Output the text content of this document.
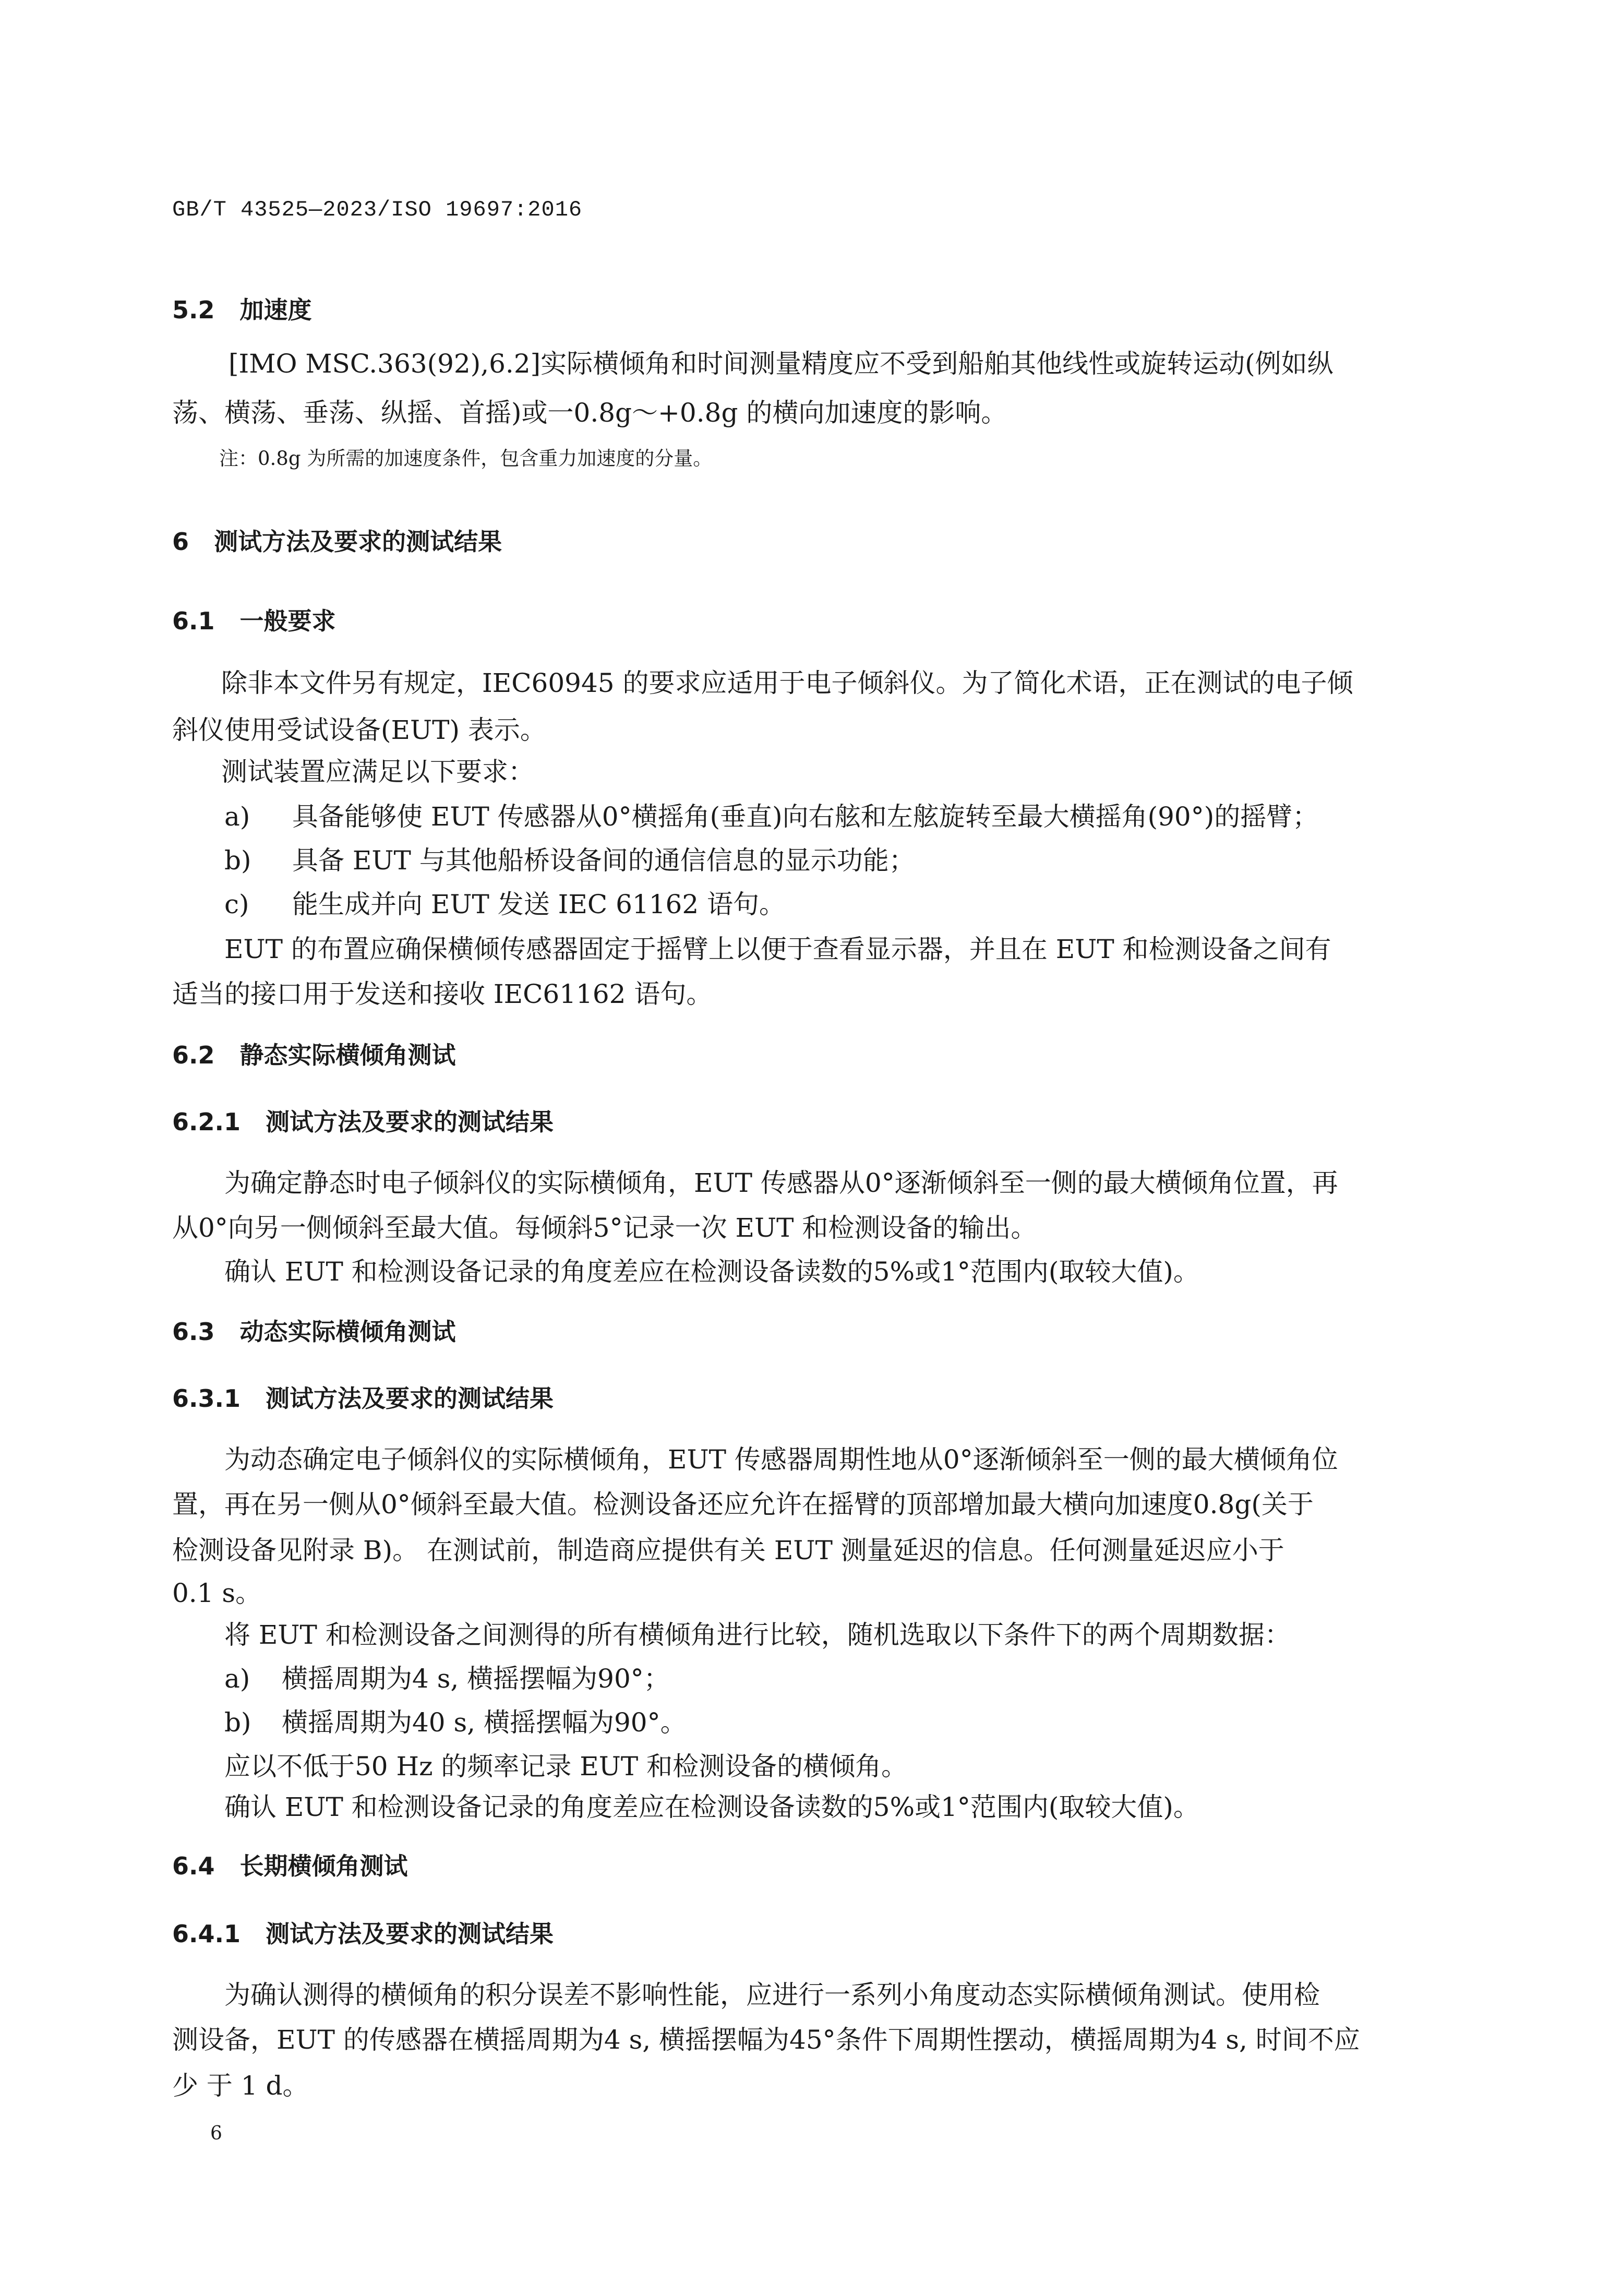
GB/T 43525—2023/ISO 19697:2016
5.2 加速度
[IMO MSC.363(92),6.2]实际横倾角和时间测量精度应不受到船舶其他线性或旋转运动(例如纵
荡、横荡、垂荡、纵摇、首摇)或一0.8g～+0.8g 的横向加速度的影响。
注：0.8g 为所需的加速度条件，包含重力加速度的分量。
6 测试方法及要求的测试结果
6.1 一般要求
除非本文件另有规定，IEC60945 的要求应适用于电子倾斜仪。为了简化术语，正在测试的电子倾
斜仪使用受试设备(EUT) 表示。
测试装置应满足以下要求：
a) 具备能够使 EUT 传感器从0°横摇角(垂直)向右舷和左舷旋转至最大横摇角(90°)的摇臂；
b) 具备 EUT 与其他船桥设备间的通信信息的显示功能；
c) 能生成并向 EUT 发送 IEC 61162 语句。
EUT 的布置应确保横倾传感器固定于摇臂上以便于查看显示器，并且在 EUT 和检测设备之间有
适当的接口用于发送和接收 IEC61162 语句。
6.2 静态实际横倾角测试
6.2.1 测试方法及要求的测试结果
为确定静态时电子倾斜仪的实际横倾角，EUT 传感器从0°逐渐倾斜至一侧的最大横倾角位置，再
从0°向另一侧倾斜至最大值。每倾斜5°记录一次 EUT 和检测设备的输出。
确认 EUT 和检测设备记录的角度差应在检测设备读数的5%或1°范围内(取较大值)。
6.3 动态实际横倾角测试
6.3.1 测试方法及要求的测试结果
为动态确定电子倾斜仪的实际横倾角，EUT 传感器周期性地从0°逐渐倾斜至一侧的最大横倾角位
置，再在另一侧从0°倾斜至最大值。检测设备还应允许在摇臂的顶部增加最大横向加速度0.8g(关于
检测设备见附录 B)。 在测试前，制造商应提供有关 EUT 测量延迟的信息。任何测量延迟应小于
0.1 s。
将 EUT 和检测设备之间测得的所有横倾角进行比较，随机选取以下条件下的两个周期数据：
a) 横摇周期为4 s, 横摇摆幅为90°；
b) 横摇周期为40 s, 横摇摆幅为90°。
应以不低于50 Hz 的频率记录 EUT 和检测设备的横倾角。
确认 EUT 和检测设备记录的角度差应在检测设备读数的5%或1°范围内(取较大值)。
6.4 长期横倾角测试
6.4.1 测试方法及要求的测试结果
为确认测得的横倾角的积分误差不影响性能，应进行一系列小角度动态实际横倾角测试。使用检
测设备，EUT 的传感器在横摇周期为4 s, 横摇摆幅为45°条件下周期性摆动，横摇周期为4 s, 时间不应
少 于 1 d。
6
